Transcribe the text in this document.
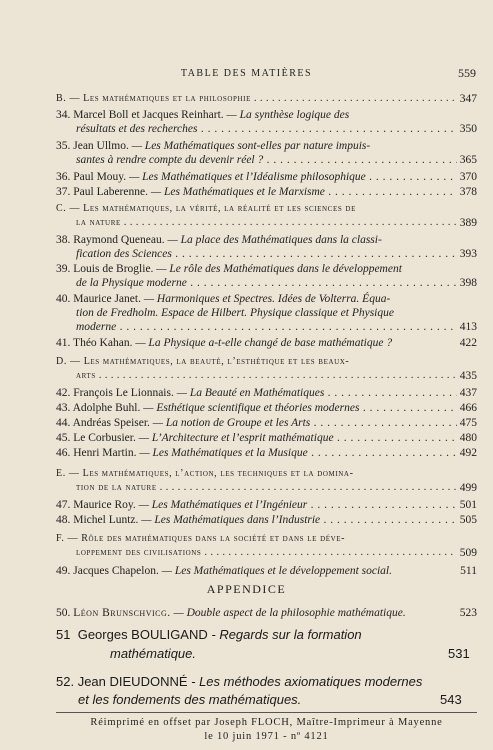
TABLE DES MATIÈRES	559
B. — Les mathématiques et la philosophie . . .	347
34. Marcel Boll et Jacques Reinhart. — La synthèse logique des
résultats et des recherches . . .	350
35. Jean Ullmo. — Les Mathématiques sont-elles par nature impuis-
santes à rendre compte du devenir réel ? . . .	365
36. Paul Mouy. — Les Mathématiques et l’Idéalisme philosophique . . .	370
37. Paul Laberenne. — Les Mathématiques et le Marxisme . . .	378
C. — Les mathématiques, la vérité, la réalité et les sciences de
la nature . . .	389
38. Raymond Queneau. — La place des Mathématiques dans la classi-
fication des Sciences . . .	393
39. Louis de Broglie. — Le rôle des Mathématiques dans le développement
de la Physique moderne . . .	398
40. Maurice Janet. — Harmoniques et Spectres. Idées de Volterra. Équa-
tion de Fredholm. Espace de Hilbert. Physique classique et Physique
moderne . . .	413
41. Théo Kahan. — La Physique a-t-elle changé de base mathématique ?	422
D. — Les mathématiques, la beauté, l’esthétique et les beaux-
arts . . .	435
42. François Le Lionnais. — La Beauté en Mathématiques . . .	437
43. Adolphe Buhl. — Esthétique scientifique et théories modernes . . .	466
44. Andréas Speiser. — La notion de Groupe et les Arts . . .	475
45. Le Corbusier. — L’Architecture et l’esprit mathématique . . .	480
46. Henri Martin. — Les Mathématiques et la Musique . . .	492
E. — Les mathématiques, l’action, les techniques et la domina-
tion de la nature . . .	499
47. Maurice Roy. — Les Mathématiques et l’Ingénieur . . .	501
48. Michel Luntz. — Les Mathématiques dans l’Industrie . . .	505
F. — Rôle des mathématiques dans la société et dans le déve-
loppement des civilisations . . .	509
49. Jacques Chapelon. — Les Mathématiques et le développement social.	511
APPENDICE
50. Léon Brunschvicg. — Double aspect de la philosophie mathématique.	523
51 Georges BOULIGAND - Regards sur la formation
mathématique.	531
52. Jean DIEUDONNÉ - Les méthodes axiomatiques modernes
et les fondements des mathématiques.	543
Réimprimé en offset par Joseph FLOCH, Maître-Imprimeur à Mayenne
le 10 juin 1971 - nº 4121
